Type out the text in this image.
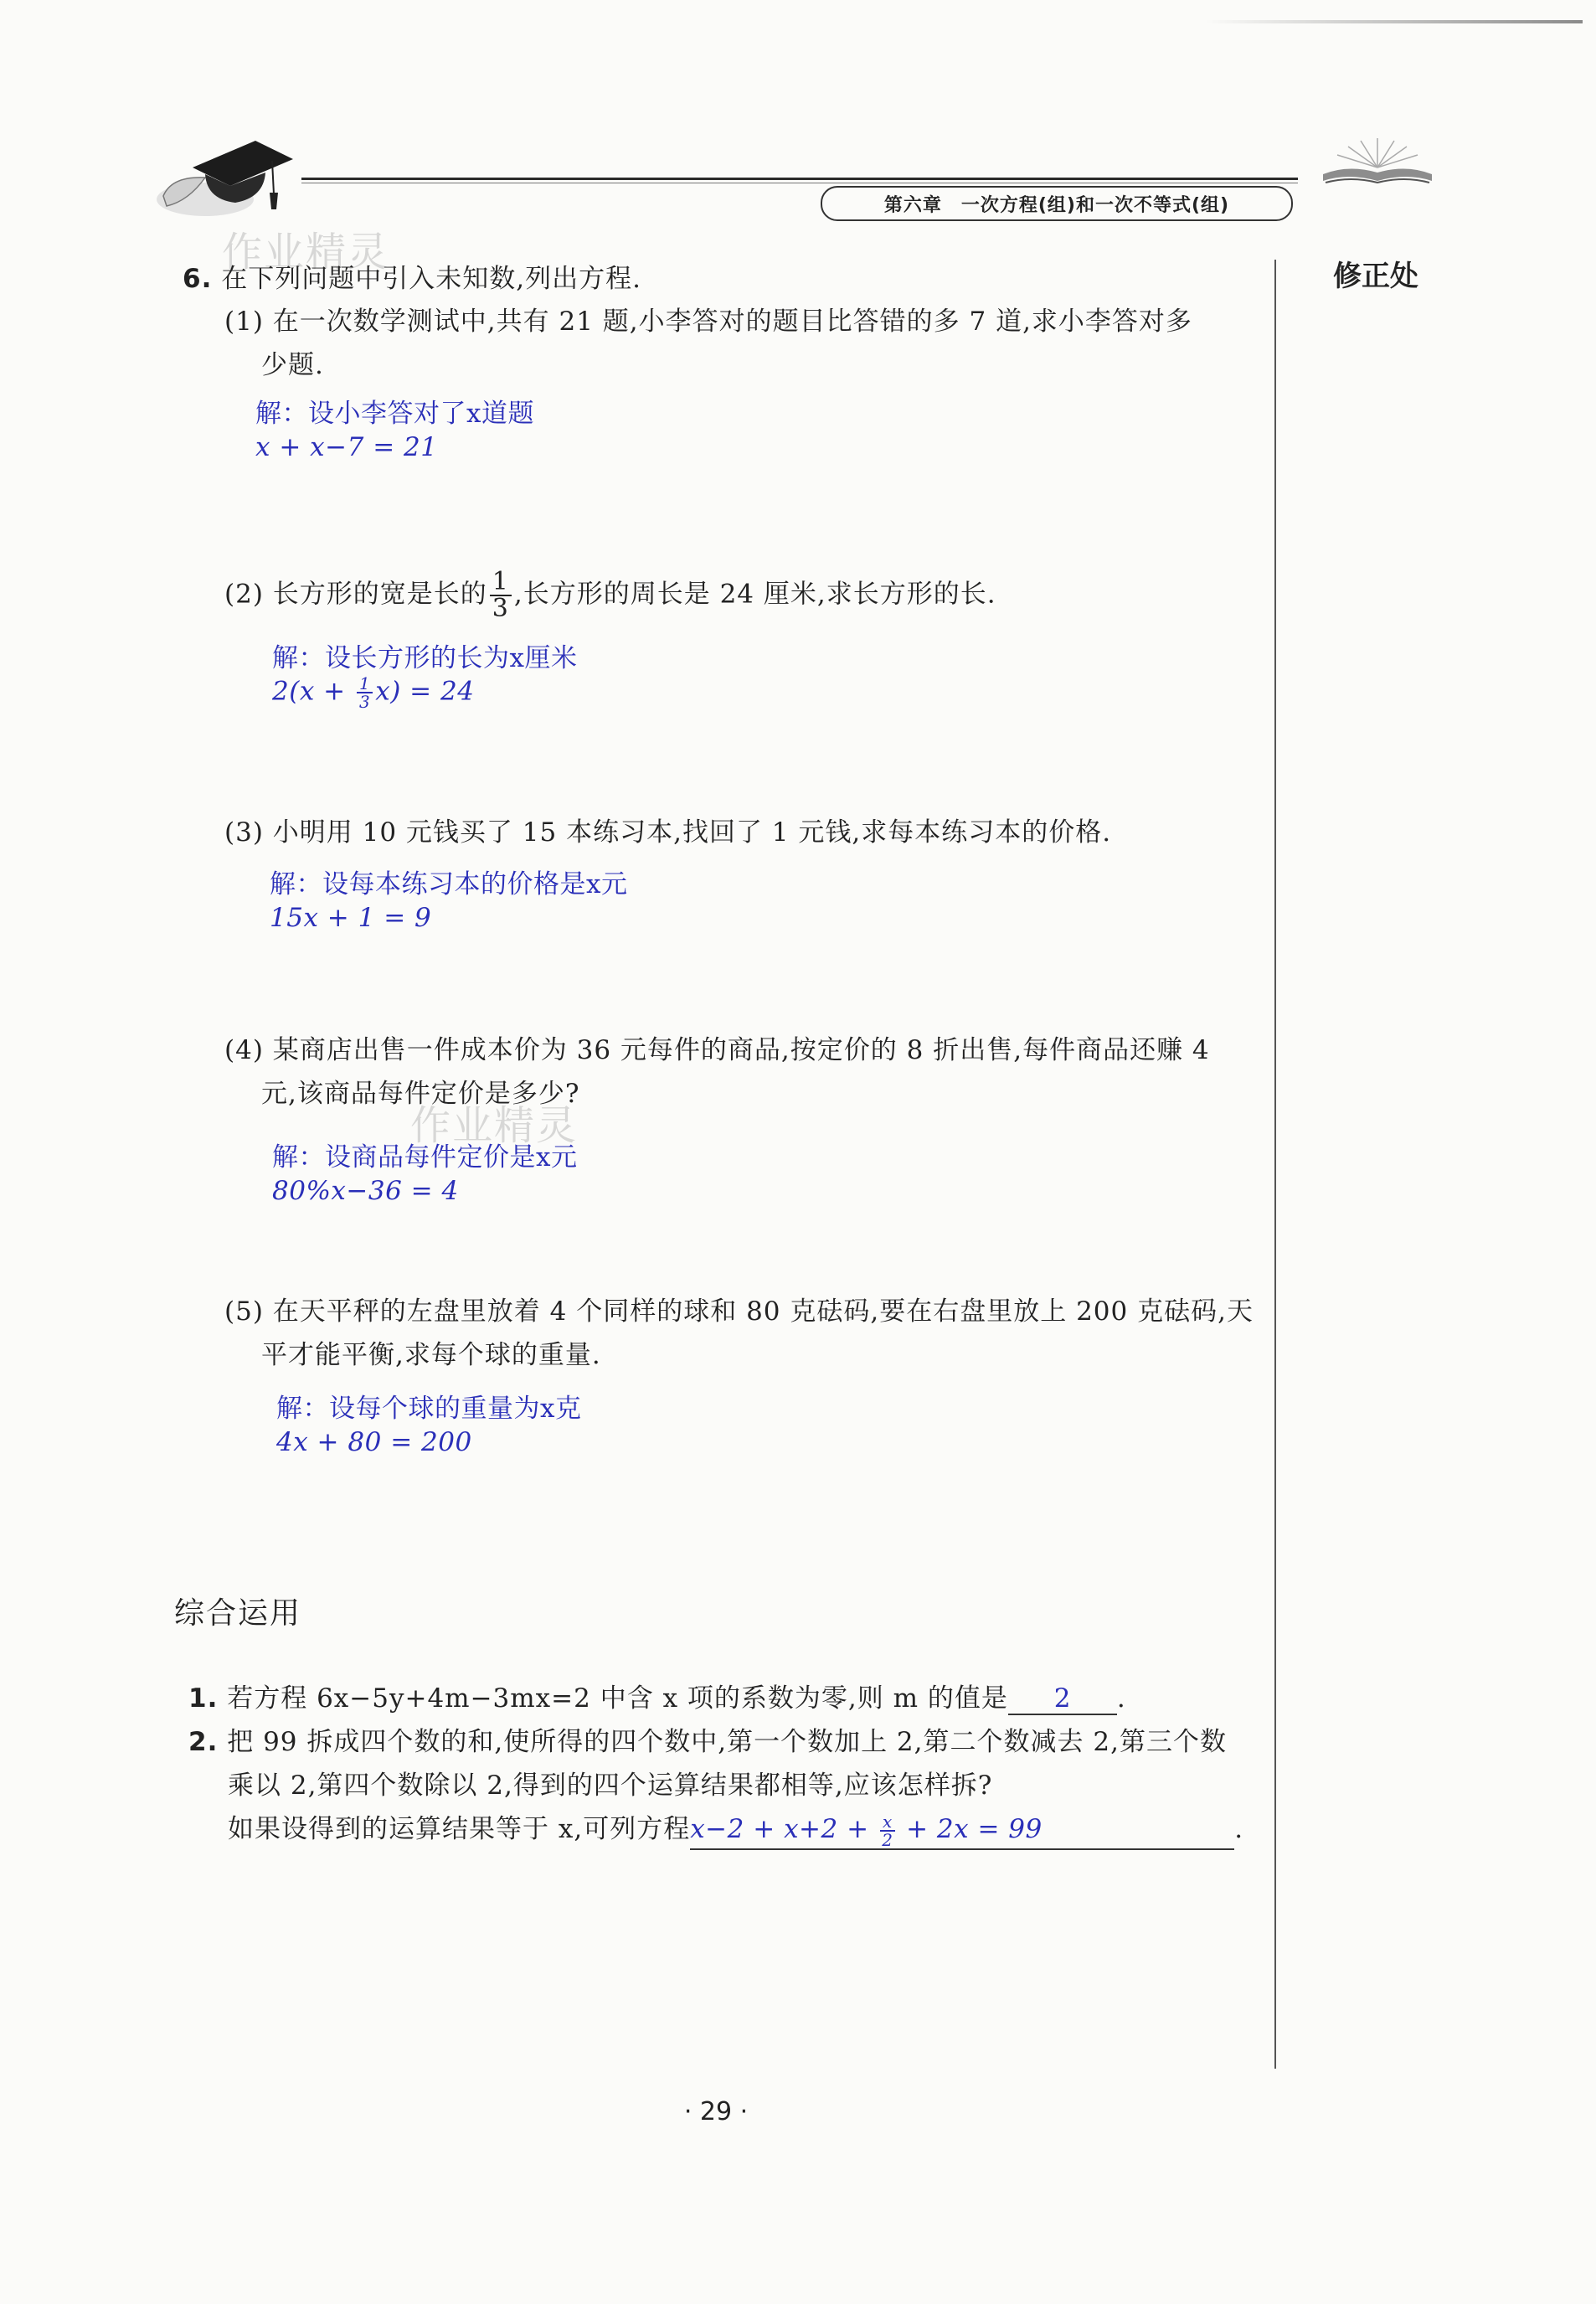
第六章　一次方程(组)和一次不等式(组)
作业精灵
作业精灵
修正处
6. 在下列问题中引入未知数,列出方程.
(1) 在一次数学测试中,共有 21 题,小李答对的题目比答错的多 7 道,求小李答对多
少题.
解：设小李答对了x道题
x + x−7 = 21
(2) 长方形的宽是长的 $\frac{1}{3}$ ,长方形的周长是 24 厘米,求长方形的长.
解：设长方形的长为x厘米
$2(x + \frac{1}{3} x) = 24$
(3) 小明用 10 元钱买了 15 本练习本,找回了 1 元钱,求每本练习本的价格.
解：设每本练习本的价格是x元
15x + 1 = 9
(4) 某商店出售一件成本价为 36 元每件的商品,按定价的 8 折出售,每件商品还赚 4
元,该商品每件定价是多少?
解：设商品每件定价是x元
80%x−36 = 4
(5) 在天平秤的左盘里放着 4 个同样的球和 80 克砝码,要在右盘里放上 200 克砝码,天
平才能平衡,求每个球的重量.
解：设每个球的重量为x克
4x + 80 = 200
综合运用
1. 若方程 6x−5y+4m−3mx=2 中含 x 项的系数为零,则 m 的值是 2 .
2. 把 99 拆成四个数的和,使所得的四个数中,第一个数加上 2,第二个数减去 2,第三个数
乘以 2,第四个数除以 2,得到的四个运算结果都相等,应该怎样拆?
如果设得到的运算结果等于 x,可列方程$x-2 + x+2 + \frac{x}{2} + 2x = 99$	.
· 29 ·
